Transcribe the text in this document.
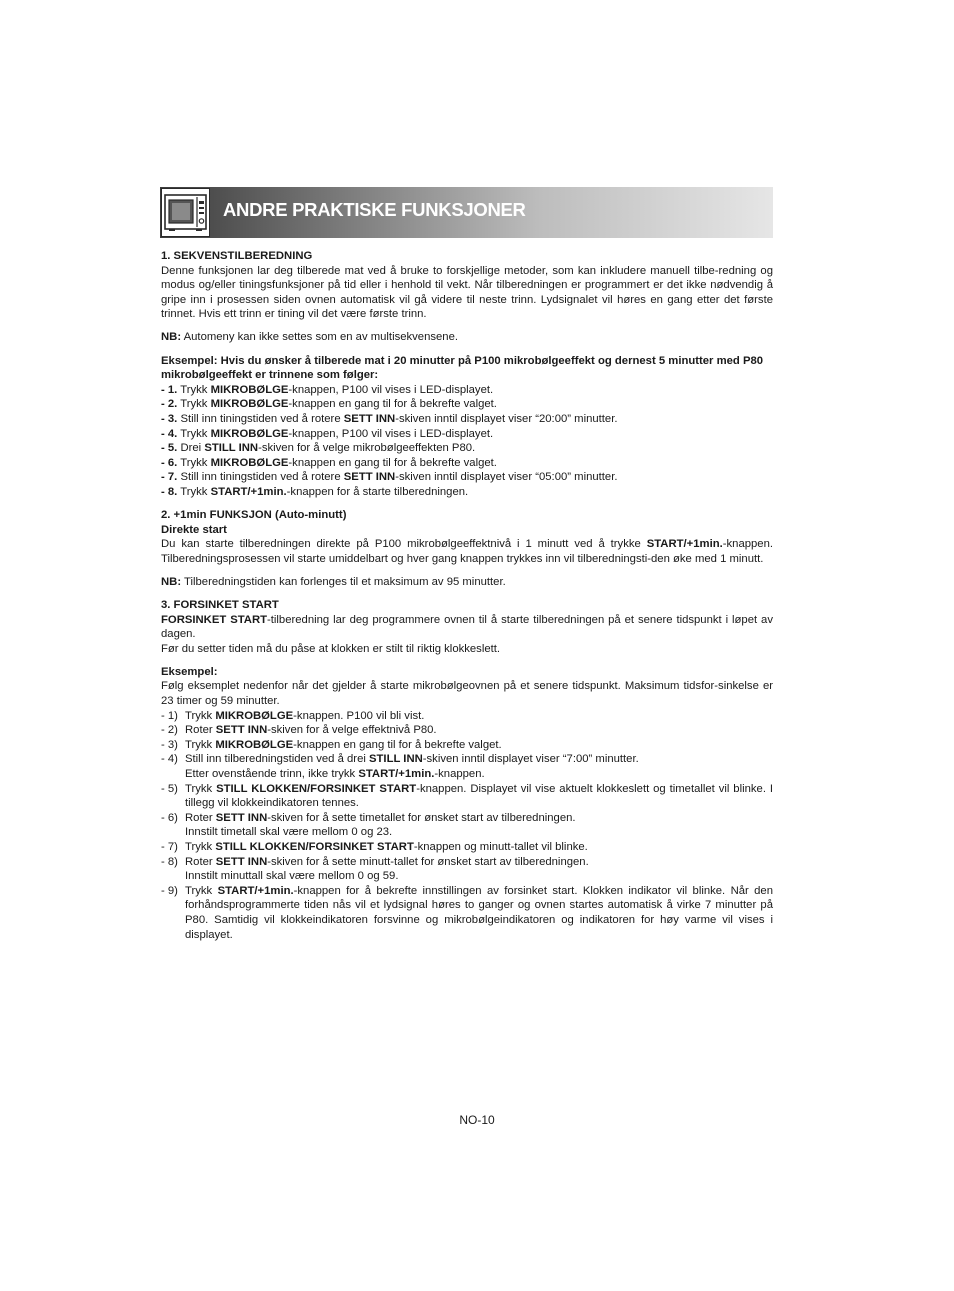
ANDRE PRAKTISKE FUNKSJONER

1. SEKVENSTILBEREDNING

Denne funksjonen lar deg tilberede mat ved å bruke to forskjellige metoder, som kan inkludere manuell tilbe-redning og modus og/eller tiningsfunksjoner på tid eller i henhold til vekt. Når tilberedningen er programmert er det ikke nødvendig å gripe inn i prosessen siden ovnen automatisk vil gå videre til neste trinn. Lydsignalet vil høres en gang etter det første trinnet. Hvis ett trinn er tining vil det være første trinn.

NB: Automeny kan ikke settes som en av multisekvensene.

Eksempel: Hvis du ønsker å tilberede mat i 20 minutter på P100 mikrobølgeeffekt og dernest 5 minutter med P80 mikrobølgeeffekt er trinnene som følger:

- 1. Trykk MIKROBØLGE-knappen, P100 vil vises i LED-displayet.
- 2. Trykk MIKROBØLGE-knappen en gang til for å bekrefte valget.
- 3. Still inn tiningstiden ved å rotere SETT INN-skiven inntil displayet viser “20:00” minutter.
- 4. Trykk MIKROBØLGE-knappen, P100 vil vises i LED-displayet.
- 5. Drei STILL INN-skiven for å velge mikrobølgeeffekten P80.
- 6. Trykk MIKROBØLGE-knappen en gang til for å bekrefte valget.
- 7. Still inn tiningstiden ved å rotere SETT INN-skiven inntil displayet viser “05:00” minutter.
- 8. Trykk START/+1min.-knappen for å starte tilberedningen.

2. +1min FUNKSJON (Auto-minutt)

Direkte start

Du kan starte tilberedningen direkte på P100 mikrobølgeeffektnivå i 1 minutt ved å trykke START/+1min.-knappen. Tilberedningsprosessen vil starte umiddelbart og hver gang knappen trykkes inn vil tilberedningsti-den øke med 1 minutt.

NB: Tilberedningstiden kan forlenges til et maksimum av 95 minutter.

3. FORSINKET START

FORSINKET START-tilberedning lar deg programmere ovnen til å starte tilberedningen på et senere tidspunkt i løpet av dagen.

Før du setter tiden må du påse at klokken er stilt til riktig klokkeslett.

Eksempel:

Følg eksemplet nedenfor når det gjelder å starte mikrobølgeovnen på et senere tidspunkt. Maksimum tidsfor-sinkelse er 23 timer og 59 minutter.

- 1) Trykk MIKROBØLGE-knappen. P100 vil bli vist.
- 2) Roter SETT INN-skiven for å velge effektnivå P80.
- 3) Trykk MIKROBØLGE-knappen en gang til for å bekrefte valget.
- 4) Still inn tilberedningstiden ved å drei STILL INN-skiven inntil displayet viser “7:00” minutter.
Etter ovenstående trinn, ikke trykk START/+1min.-knappen.
- 5) Trykk STILL KLOKKEN/FORSINKET START-knappen. Displayet vil vise aktuelt klokkeslett og timetallet vil blinke. I tillegg vil klokkeindikatoren tennes.
- 6) Roter SETT INN-skiven for å sette timetallet for ønsket start av tilberedningen.
Innstilt timetall skal være mellom 0 og 23.
- 7) Trykk STILL KLOKKEN/FORSINKET START-knappen og minutt-tallet vil blinke.
- 8) Roter SETT INN-skiven for å sette minutt-tallet for ønsket start av tilberedningen.
Innstilt minuttall skal være mellom 0 og 59.
- 9) Trykk START/+1min.-knappen for å bekrefte innstillingen av forsinket start. Klokken indikator vil blinke. Når den forhåndsprogrammerte tiden nås vil et lydsignal høres to ganger og ovnen startes automatisk å virke 7 minutter på P80. Samtidig vil klokkeindikatoren forsvinne og mikrobølgeindikatoren og indikatoren for høy varme vil vises i displayet.
NO-10
